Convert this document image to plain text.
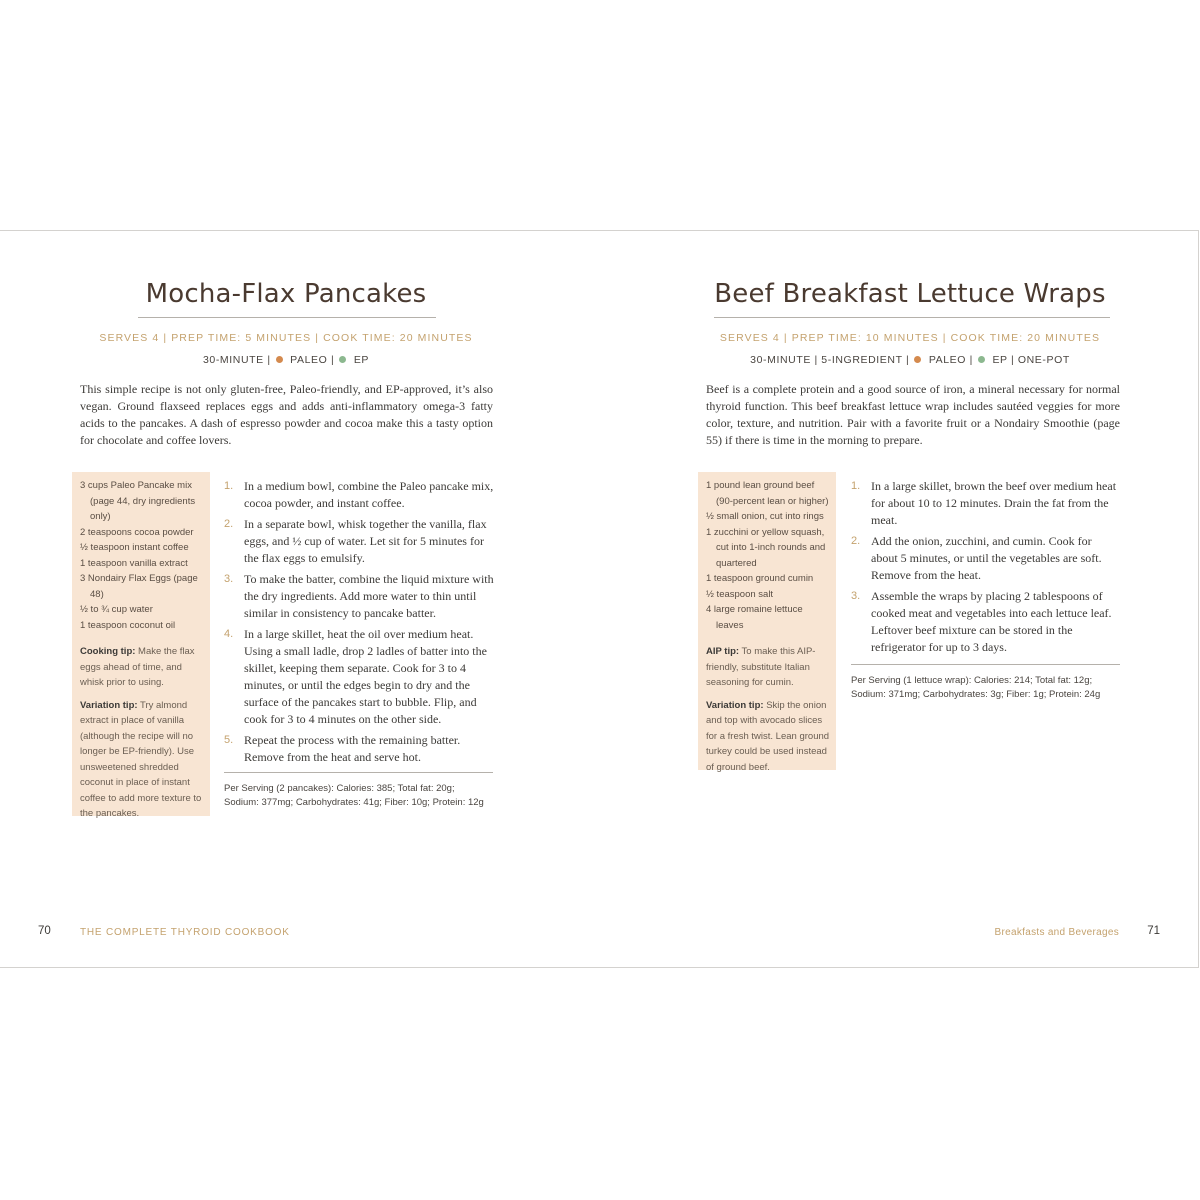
Mocha-Flax Pancakes
SERVES 4 | PREP TIME: 5 MINUTES | COOK TIME: 20 MINUTES
30-MINUTE | PALEO | EP

This simple recipe is not only gluten-free, Paleo-friendly, and EP-approved, it’s also vegan. Ground flaxseed replaces eggs and adds anti-inflammatory omega-3 fatty acids to the pancakes. A dash of espresso powder and cocoa make this a tasty option for chocolate and coffee lovers.

3 cups Paleo Pancake mix (page 44, dry ingredients only)
2 teaspoons cocoa powder
½ teaspoon instant coffee
1 teaspoon vanilla extract
3 Nondairy Flax Eggs (page 48)
½ to ¾ cup water
1 teaspoon coconut oil

Cooking tip: Make the flax eggs ahead of time, and whisk prior to using.

Variation tip: Try almond extract in place of vanilla (although the recipe will no longer be EP-friendly). Use unsweetened shredded coconut in place of instant coffee to add more texture to the pancakes.

1. In a medium bowl, combine the Paleo pancake mix, cocoa powder, and instant coffee.
2. In a separate bowl, whisk together the vanilla, flax eggs, and ½ cup of water. Let sit for 5 minutes for the flax eggs to emulsify.
3. To make the batter, combine the liquid mixture with the dry ingredients. Add more water to thin until similar in consistency to pancake batter.
4. In a large skillet, heat the oil over medium heat. Using a small ladle, drop 2 ladles of batter into the skillet, keeping them separate. Cook for 3 to 4 minutes, or until the edges begin to dry and the surface of the pancakes start to bubble. Flip, and cook for 3 to 4 minutes on the other side.
5. Repeat the process with the remaining batter. Remove from the heat and serve hot.

Per Serving (2 pancakes): Calories: 385; Total fat: 20g; Sodium: 377mg; Carbohydrates: 41g; Fiber: 10g; Protein: 12g

70	THE COMPLETE THYROID COOKBOOK
Beef Breakfast Lettuce Wraps
SERVES 4 | PREP TIME: 10 MINUTES | COOK TIME: 20 MINUTES
30-MINUTE | 5-INGREDIENT | PALEO | EP | ONE-POT

Beef is a complete protein and a good source of iron, a mineral necessary for normal thyroid function. This beef breakfast lettuce wrap includes sautéed veggies for more color, texture, and nutrition. Pair with a favorite fruit or a Nondairy Smoothie (page 55) if there is time in the morning to prepare.

1 pound lean ground beef (90-percent lean or higher)
½ small onion, cut into rings
1 zucchini or yellow squash, cut into 1-inch rounds and quartered
1 teaspoon ground cumin
½ teaspoon salt
4 large romaine lettuce leaves

AIP tip: To make this AIP-friendly, substitute Italian seasoning for cumin.

Variation tip: Skip the onion and top with avocado slices for a fresh twist. Lean ground turkey could be used instead of ground beef.

1. In a large skillet, brown the beef over medium heat for about 10 to 12 minutes. Drain the fat from the meat.
2. Add the onion, zucchini, and cumin. Cook for about 5 minutes, or until the vegetables are soft. Remove from the heat.
3. Assemble the wraps by placing 2 tablespoons of cooked meat and vegetables into each lettuce leaf. Leftover beef mixture can be stored in the refrigerator for up to 3 days.

Per Serving (1 lettuce wrap): Calories: 214; Total fat: 12g; Sodium: 371mg; Carbohydrates: 3g; Fiber: 1g; Protein: 24g

Breakfasts and Beverages 71
